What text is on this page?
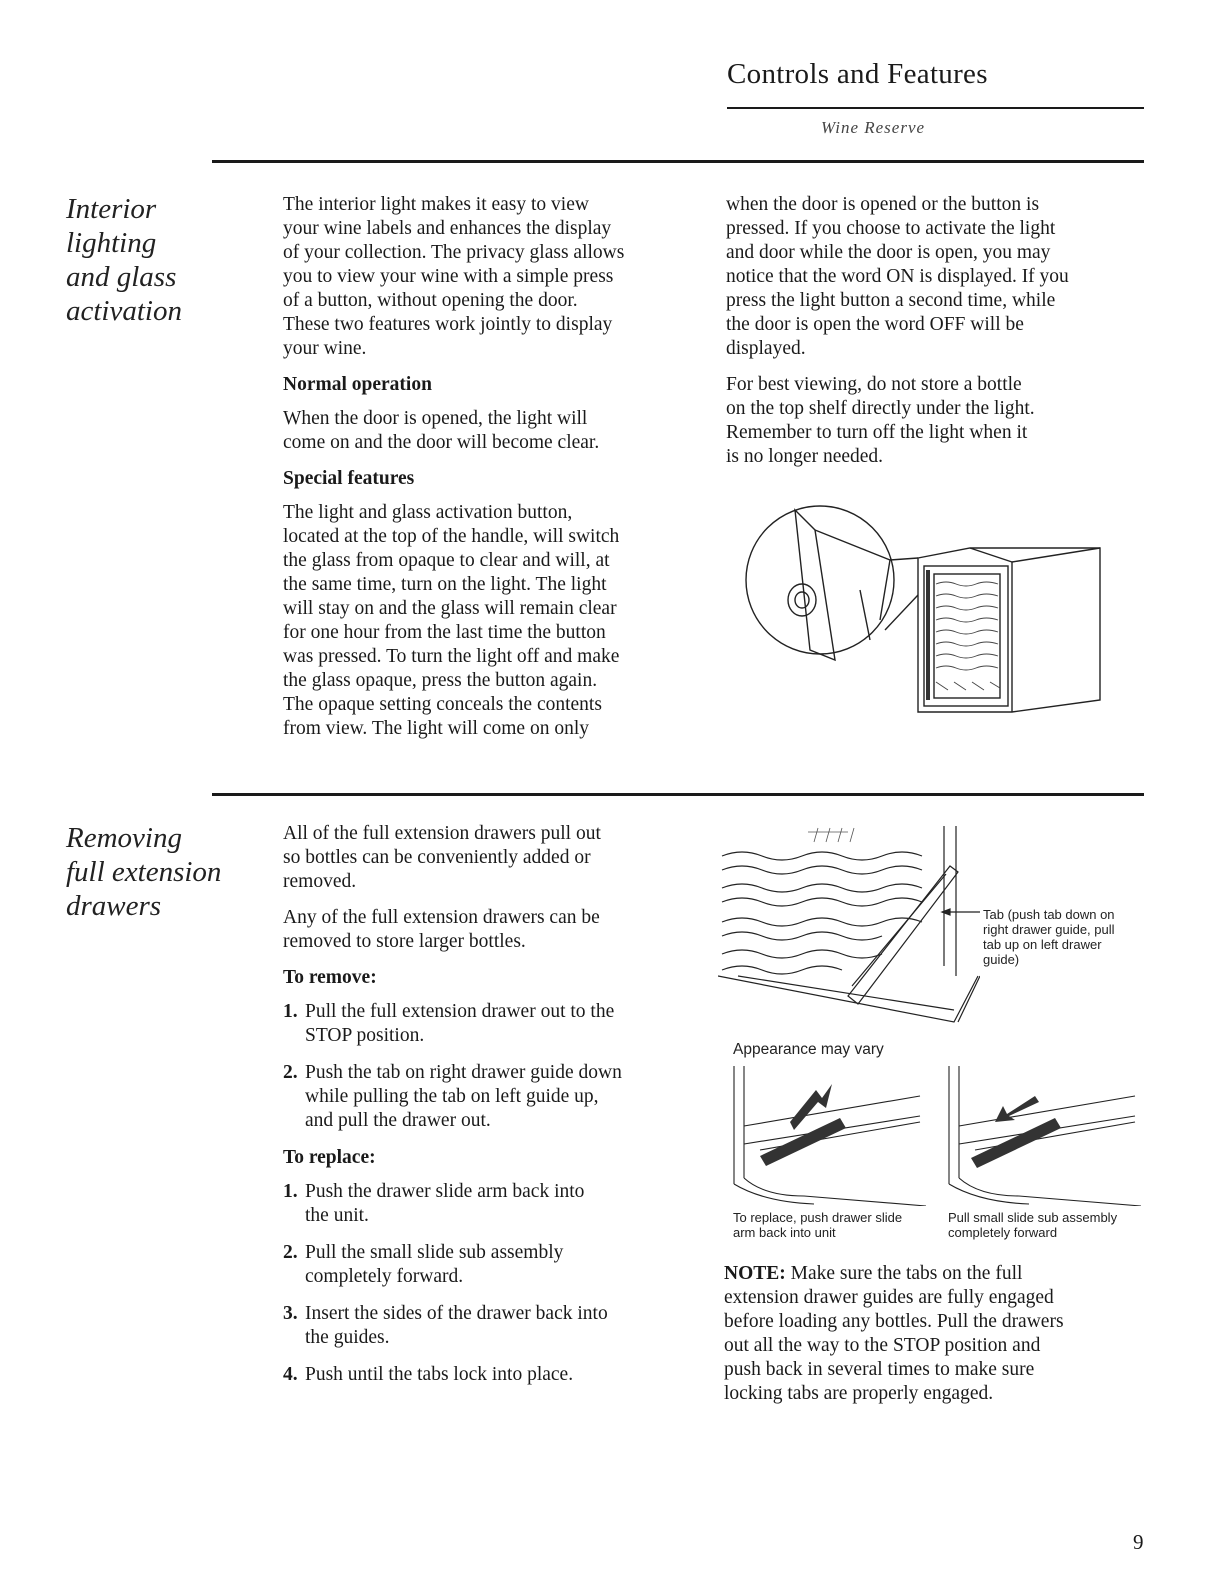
Controls and Features
Wine Reserve
Interior
lighting
and glass
activation

The interior light makes it easy to view
your wine labels and enhances the display
of your collection. The privacy glass allows
you to view your wine with a simple press
of a button, without opening the door.
These two features work jointly to display
your wine.

Normal operation

When the door is opened, the light will
come on and the door will become clear.

Special features

The light and glass activation button,
located at the top of the handle, will switch
the glass from opaque to clear and will, at
the same time, turn on the light. The light
will stay on and the glass will remain clear
for one hour from the last time the button
was pressed. To turn the light off and make
the glass opaque, press the button again.
The opaque setting conceals the contents
from view. The light will come on only

when the door is opened or the button is
pressed. If you choose to activate the light
and door while the door is open, you may
notice that the word ON is displayed. If you
press the light button a second time, while
the door is open the word OFF will be
displayed.

For best viewing, do not store a bottle
on the top shelf directly under the light.
Remember to turn off the light when it
is no longer needed.

Removing
full extension
drawers

All of the full extension drawers pull out
so bottles can be conveniently added or
removed.

Any of the full extension drawers can be
removed to store larger bottles.

To remove:
1. Pull the full extension drawer out to the
STOP position.
2. Push the tab on right drawer guide down
while pulling the tab on left guide up,
and pull the drawer out.
To replace:
1. Push the drawer slide arm back into
the unit.
2. Pull the small slide sub assembly
completely forward.
3. Insert the sides of the drawer back into
the guides.
4. Push until the tabs lock into place.
Tab (push tab down on
right drawer guide, pull
tab up on left drawer
guide)
Appearance may vary
To replace, push drawer slide
arm back into unit
Pull small slide sub assembly
completely forward
NOTE: Make sure the tabs on the full
extension drawer guides are fully engaged
before loading any bottles. Pull the drawers
out all the way to the STOP position and
push back in several times to make sure
locking tabs are properly engaged.
9
